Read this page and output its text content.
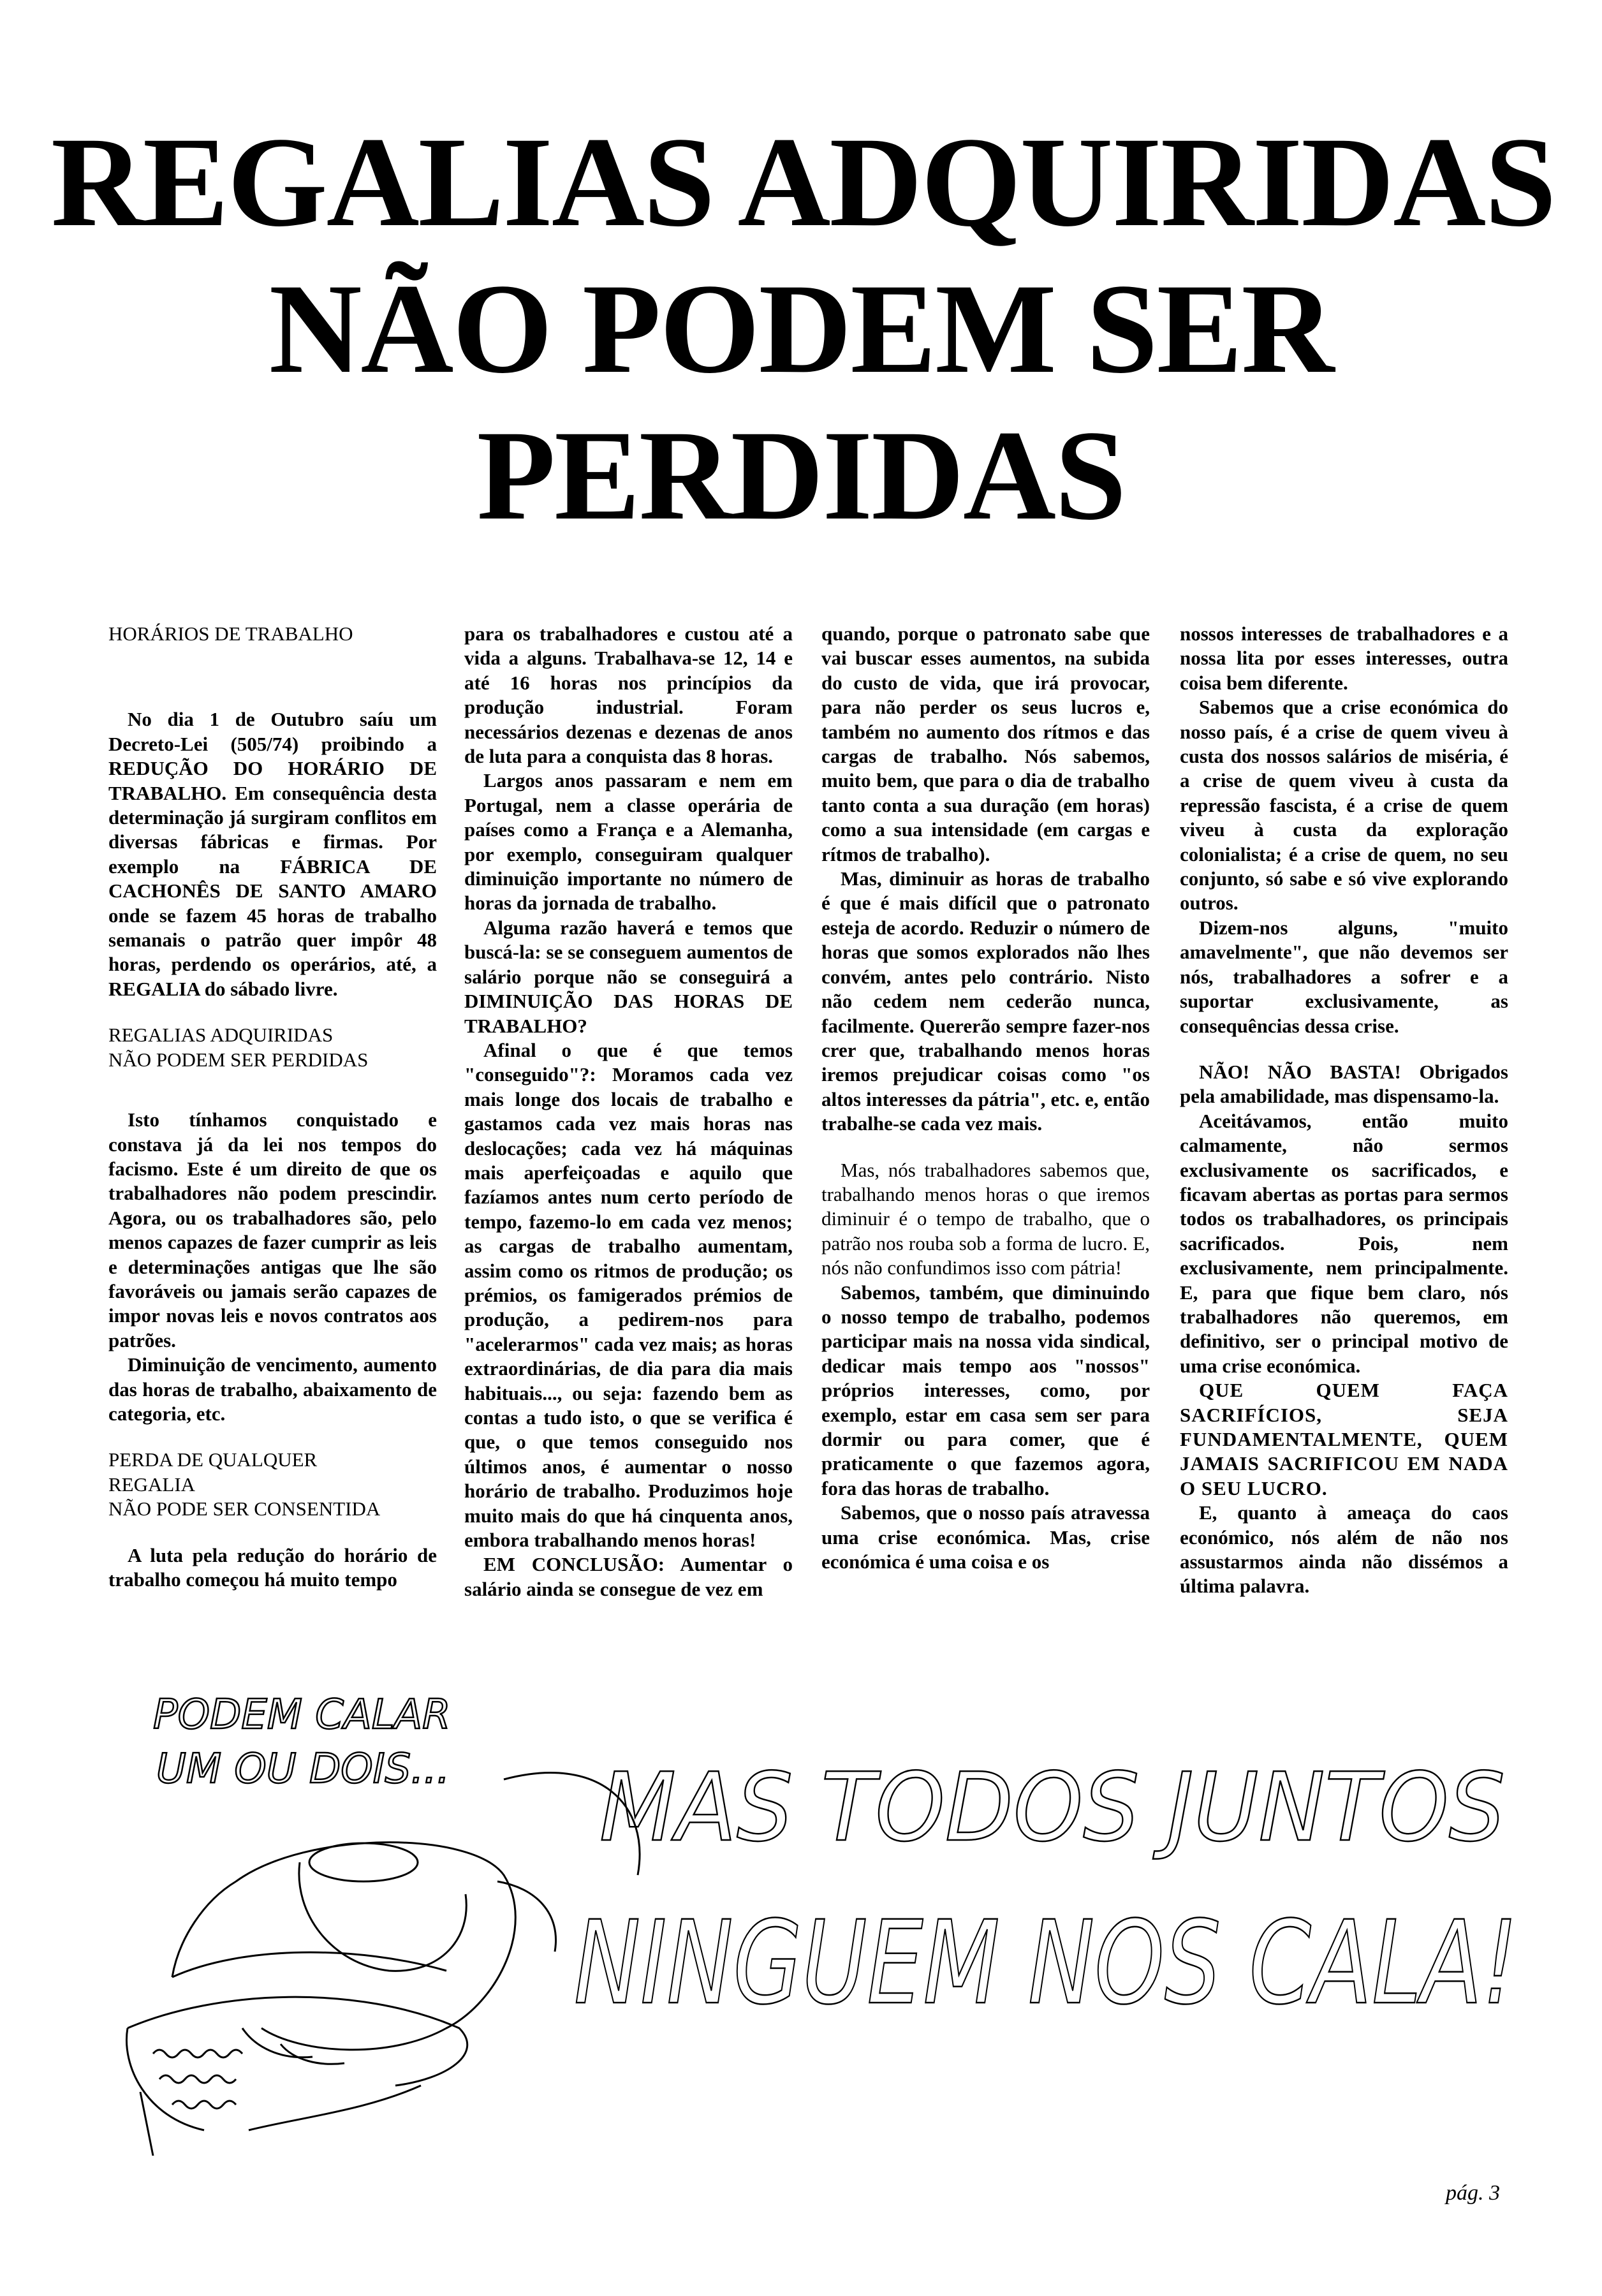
REGALIAS ADQUIRIDAS
NÃO PODEM SER
PERDIDAS
HORÁRIOS DE TRABALHO

No dia 1 de Outubro saíu um Decreto-Lei (505/74) proibindo a REDUÇÃO DO HORÁRIO DE TRABALHO. Em consequência desta determinação já surgiram conflitos em diversas fábricas e firmas. Por exemplo na FÁBRICA DE CACHONÊS DE SANTO AMARO onde se fazem 45 horas de trabalho semanais o patrão quer impôr 48 horas, perdendo os operários, até, a REGALIA do sábado livre.

REGALIAS ADQUIRIDAS
NÃO PODEM SER PERDIDAS

Isto tínhamos conquistado e constava já da lei nos tempos do facismo. Este é um direito de que os trabalhadores não podem prescindir. Agora, ou os trabalhadores são, pelo menos capazes de fazer cumprir as leis e determinações antigas que lhe são favoráveis ou jamais serão capazes de impor novas leis e novos contratos aos patrões.

Diminuição de vencimento, aumento das horas de trabalho, abaixamento de categoria, etc.

PERDA DE QUALQUER
REGALIA
NÃO PODE SER CONSENTIDA

A luta pela redução do horário de trabalho começou há muito tempo

para os trabalhadores e custou até a vida a alguns. Trabalhava-se 12, 14 e até 16 horas nos princípios da produção industrial. Foram necessários dezenas e dezenas de anos de luta para a conquista das 8 horas.

Largos anos passaram e nem em Portugal, nem a classe operária de países como a França e a Alemanha, por exemplo, conseguiram qualquer diminuição importante no número de horas da jornada de trabalho.

Alguma razão haverá e temos que buscá-la: se se conseguem aumentos de salário porque não se conseguirá a DIMINUIÇÃO DAS HORAS DE TRABALHO?

Afinal o que é que temos "conseguido"?: Moramos cada vez mais longe dos locais de trabalho e gastamos cada vez mais horas nas deslocações; cada vez há máquinas mais aperfeiçoadas e aquilo que fazíamos antes num certo período de tempo, fazemo-lo em cada vez menos; as cargas de trabalho aumentam, assim como os ritmos de produção; os prémios, os famigerados prémios de produção, a pedirem-nos para "acelerarmos" cada vez mais; as horas extraordinárias, de dia para dia mais habituais..., ou seja: fazendo bem as contas a tudo isto, o que se verifica é que, o que temos conseguido nos últimos anos, é aumentar o nosso horário de trabalho. Produzimos hoje muito mais do que há cinquenta anos, embora trabalhando menos horas!

EM CONCLUSÃO: Aumentar o salário ainda se consegue de vez em

quando, porque o patronato sabe que vai buscar esses aumentos, na subida do custo de vida, que irá provocar, para não perder os seus lucros e, também no aumento dos rítmos e das cargas de trabalho. Nós sabemos, muito bem, que para o dia de trabalho tanto conta a sua duração (em horas) como a sua intensidade (em cargas e rítmos de trabalho).

Mas, diminuir as horas de trabalho é que é mais difícil que o patronato esteja de acordo. Reduzir o número de horas que somos explorados não lhes convém, antes pelo contrário. Nisto não cedem nem cederão nunca, facilmente. Quererão sempre fazer-nos crer que, trabalhando menos horas iremos prejudicar coisas como "os altos interesses da pátria", etc. e, então trabalhe-se cada vez mais.

Mas, nós trabalhadores sabemos que, trabalhando menos horas o que iremos diminuir é o tempo de trabalho, que o patrão nos rouba sob a forma de lucro. E, nós não confundimos isso com pátria!

Sabemos, também, que diminuindo o nosso tempo de trabalho, podemos participar mais na nossa vida sindical, dedicar mais tempo aos "nossos" próprios interesses, como, por exemplo, estar em casa sem ser para dormir ou para comer, que é praticamente o que fazemos agora, fora das horas de trabalho.

Sabemos, que o nosso país atravessa uma crise económica. Mas, crise económica é uma coisa e os

nossos interesses de trabalhadores e a nossa lita por esses interesses, outra coisa bem diferente.

Sabemos que a crise económica do nosso país, é a crise de quem viveu à custa dos nossos salários de miséria, é a crise de quem viveu à custa da repressão fascista, é a crise de quem viveu à custa da exploração colonialista; é a crise de quem, no seu conjunto, só sabe e só vive explorando outros.

Dizem-nos alguns, "muito amavelmente", que não devemos ser nós, trabalhadores a sofrer e a suportar exclusivamente, as consequências dessa crise.

NÃO! NÃO BASTA! Obrigados pela amabilidade, mas dispensamo-la.

Aceitávamos, então muito calmamente, não sermos exclusivamente os sacrificados, e ficavam abertas as portas para sermos todos os trabalhadores, os principais sacrificados. Pois, nem exclusivamente, nem principalmente. E, para que fique bem claro, nós trabalhadores não queremos, em definitivo, ser o principal motivo de uma crise económica.

QUE QUEM FAÇA SACRIFÍCIOS, SEJA FUNDAMENTALMENTE, QUEM JAMAIS SACRIFICOU EM NADA O SEU LUCRO.

E, quanto à ameaça do caos económico, nós além de não nos assustarmos ainda não dissémos a última palavra.

PODEM CALAR
UM OU DOIS... MAS TODOS JUNTOS
NINGUEM NOS CALA!
pág. 3
